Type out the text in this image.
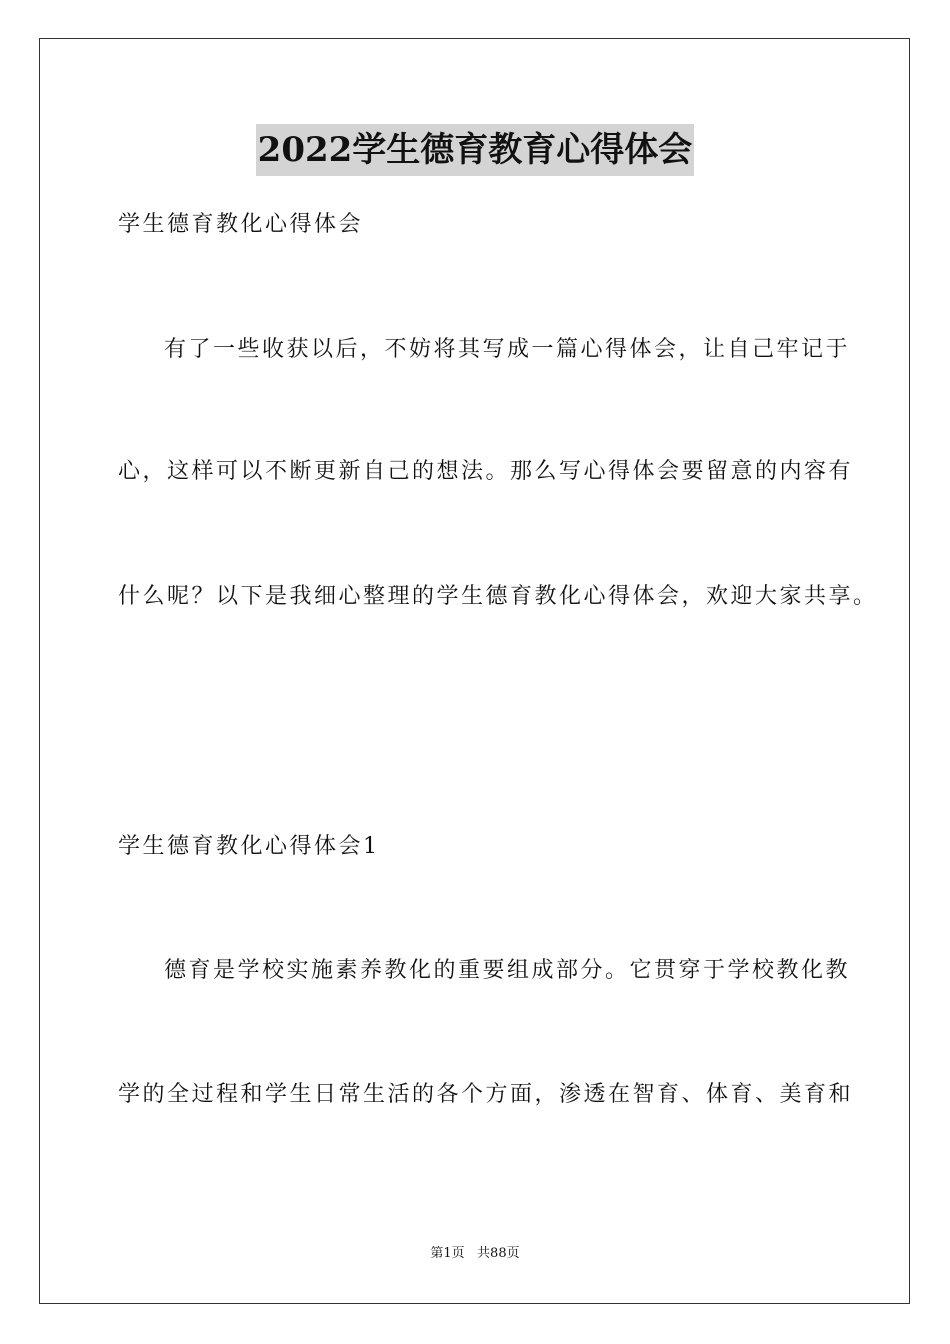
2022学生德育教育心得体会
学生德育教化心得体会
有了一些收获以后，不妨将其写成一篇心得体会，让自己牢记于
心，这样可以不断更新自己的想法。那么写心得体会要留意的内容有
什么呢？以下是我细心整理的学生德育教化心得体会，欢迎大家共享。
学生德育教化心得体会1
德育是学校实施素养教化的重要组成部分。它贯穿于学校教化教
学的全过程和学生日常生活的各个方面，渗透在智育、体育、美育和
第1页   共88页
